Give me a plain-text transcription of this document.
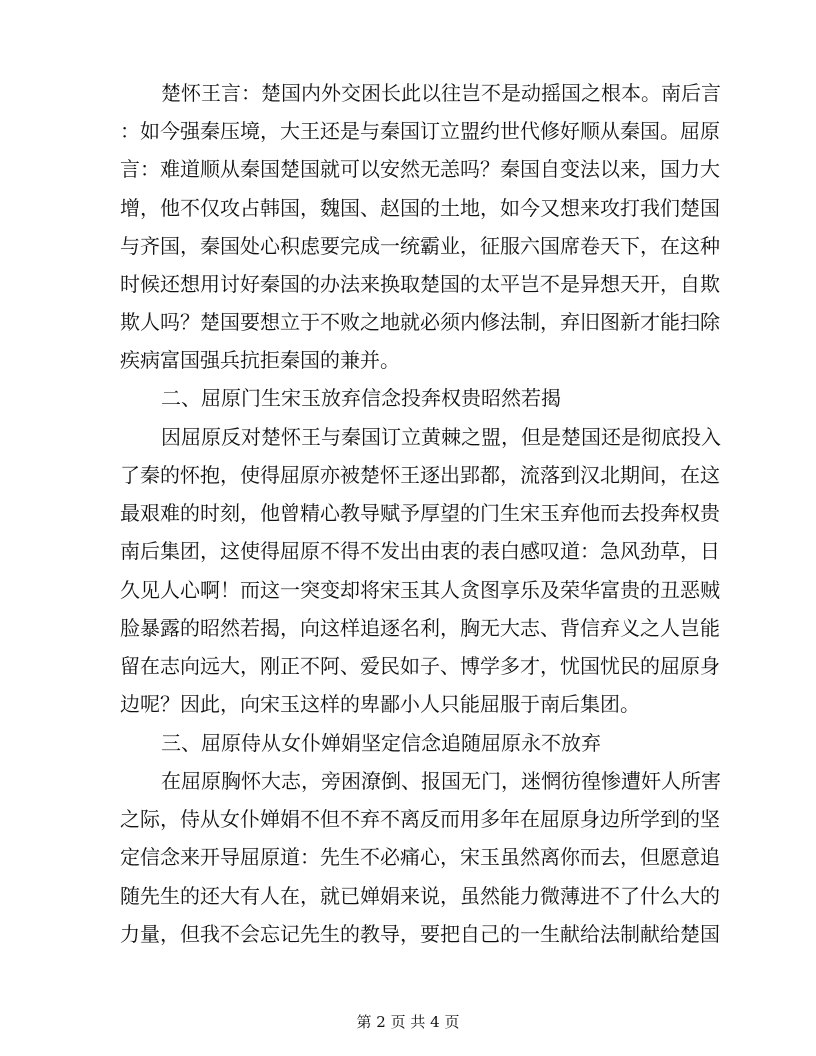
楚怀王言：楚国内外交困长此以往岂不是动摇国之根本。南后言
：如今强秦压境，大王还是与秦国订立盟约世代修好顺从秦国。屈原
言：难道顺从秦国楚国就可以安然无恙吗？秦国自变法以来，国力大
增，他不仅攻占韩国，魏国、赵国的土地，如今又想来攻打我们楚国
与齐国，秦国处心积虑要完成一统霸业，征服六国席卷天下，在这种
时候还想用讨好秦国的办法来换取楚国的太平岂不是异想天开，自欺
欺人吗？楚国要想立于不败之地就必须内修法制，弃旧图新才能扫除
疾病富国强兵抗拒秦国的兼并。
二、屈原门生宋玉放弃信念投奔权贵昭然若揭
因屈原反对楚怀王与秦国订立黄棘之盟，但是楚国还是彻底投入
了秦的怀抱，使得屈原亦被楚怀王逐出郢都，流落到汉北期间，在这
最艰难的时刻，他曾精心教导赋予厚望的门生宋玉弃他而去投奔权贵
南后集团，这使得屈原不得不发出由衷的表白感叹道：急风劲草，日
久见人心啊！而这一突变却将宋玉其人贪图享乐及荣华富贵的丑恶贼
脸暴露的昭然若揭，向这样追逐名利，胸无大志、背信弃义之人岂能
留在志向远大，刚正不阿、爱民如子、博学多才，忧国忧民的屈原身
边呢？因此，向宋玉这样的卑鄙小人只能屈服于南后集团。
三、屈原侍从女仆婵娟坚定信念追随屈原永不放弃
在屈原胸怀大志，旁困潦倒、报国无门，迷惘彷徨惨遭奸人所害
之际，侍从女仆婵娟不但不弃不离反而用多年在屈原身边所学到的坚
定信念来开导屈原道：先生不必痛心，宋玉虽然离你而去，但愿意追
随先生的还大有人在，就已婵娟来说，虽然能力微薄进不了什么大的
力量，但我不会忘记先生的教导，要把自己的一生献给法制献给楚国
第 2 页 共 4 页
